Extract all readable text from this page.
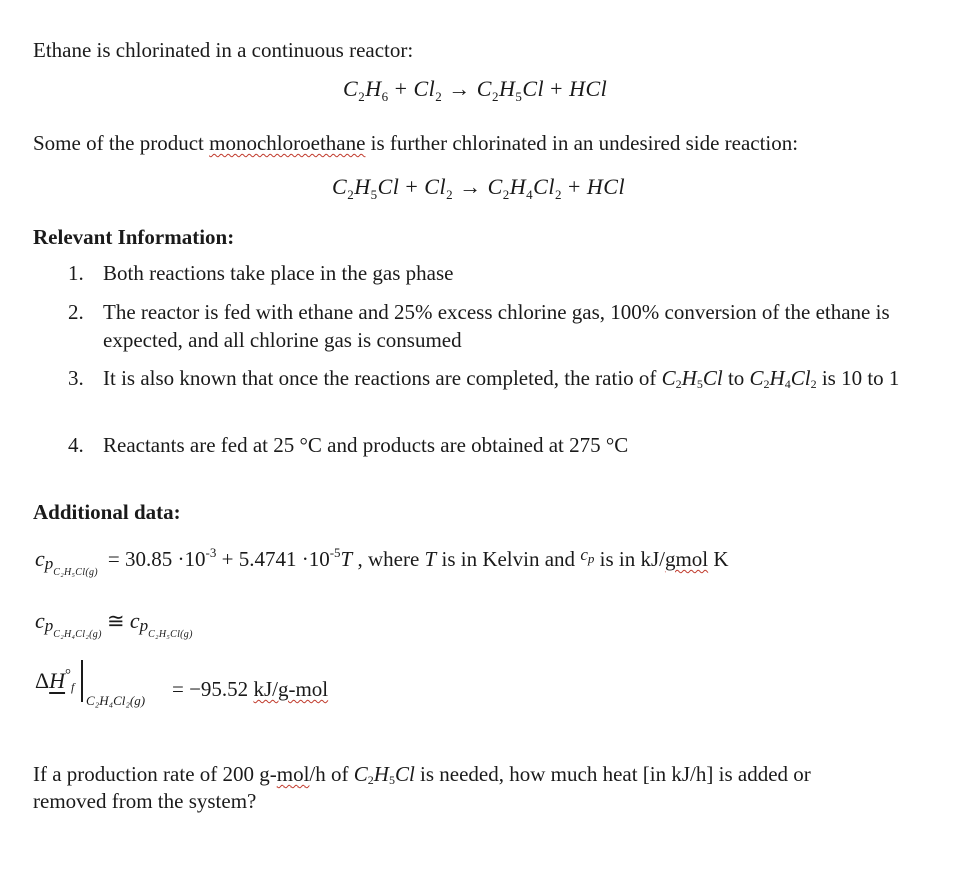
Ethane is chlorinated in a continuous reactor:
$C_2H_6 + Cl_2 \to C_2H_5Cl$ + HCl
Some of the product monochloroethane is further chlorinated in an undesired side reaction:
$C_2H_5Cl + Cl_2 \to C_2H_4Cl_2$ + HCl
Relevant Information:
1. Both reactions take place in the gas phase
2. The reactor is fed with ethane and 25% excess chlorine gas, 100% conversion of the ethane is expected, and all chlorine gas is consumed
3. It is also known that once the reactions are completed, the ratio of $C_2H_5Cl$ to $C_2H_4Cl_2$ is 10 to 1
4. Reactants are fed at 25 °C and products are obtained at 275 °C
Additional data:
$cp_{C_2H_5Cl(g)}= 30.85 \cdot 10^{-3} + 5.4741 \cdot 10^{-5}T$ , where T is in Kelvin and $^c$p is in kJ/gmol K
$cp_{C_2H_4Cl_2(g)}$ ≅ $cp_{C_2H_5Cl(g)}$
$\Delta H^\circ_f$
C₂H₄Cl₂(g) = −95.52 kJ/g-mol
If a production rate of 200 g-mol/h of $C_2H_5Cl$ is needed, how much heat [in kJ/h] is added or
removed from the system?
